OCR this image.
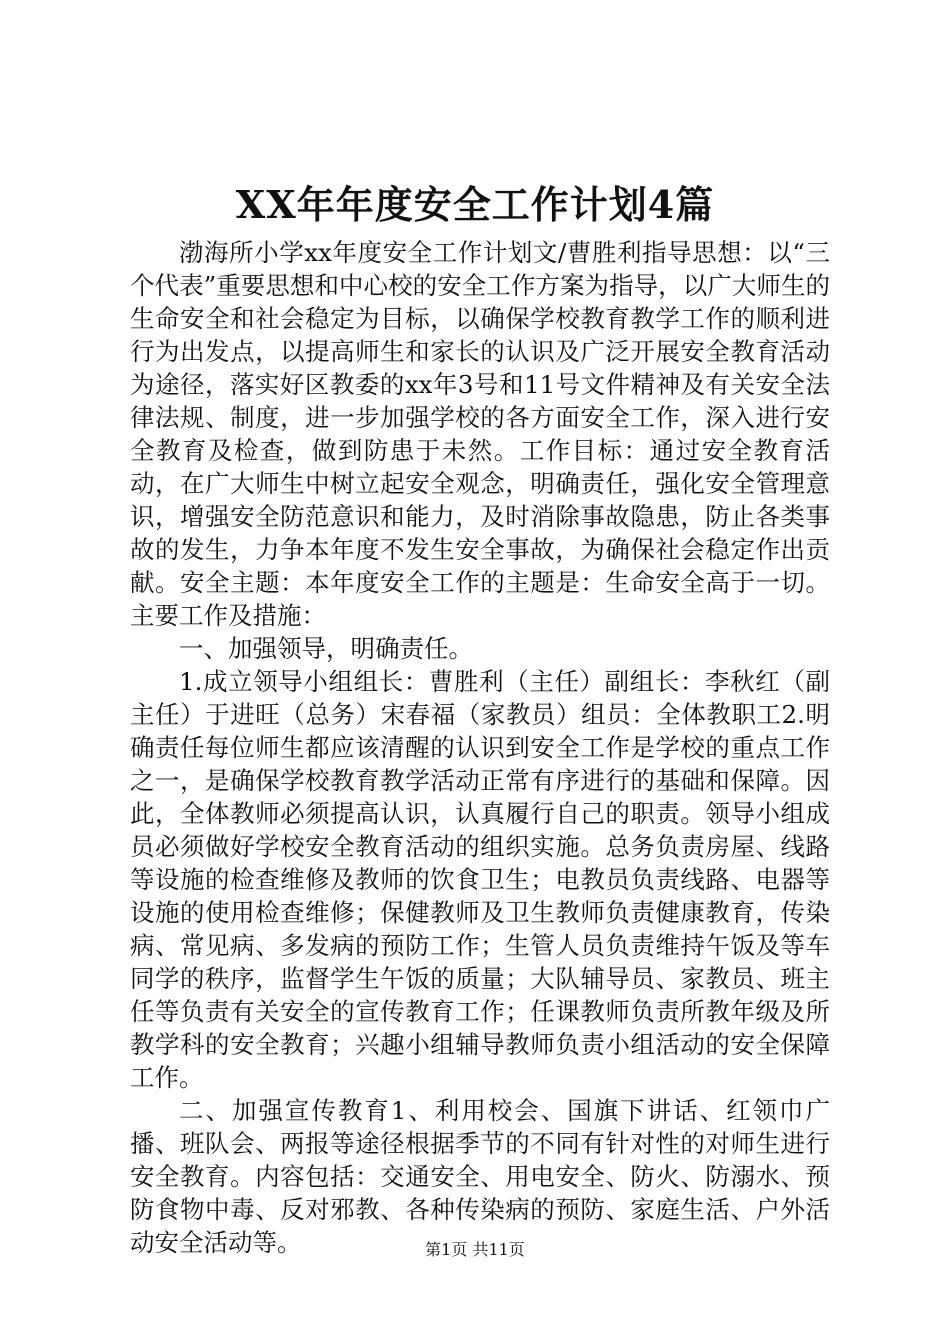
XX年年度安全工作计划4篇

渤海所小学xx年度安全工作计划文/曹胜利指导思想：以“三个代表”重要思想和中心校的安全工作方案为指导，以广大师生的生命安全和社会稳定为目标，以确保学校教育教学工作的顺利进行为出发点，以提高师生和家长的认识及广泛开展安全教育活动为途径，落实好区教委的xx年3号和11号文件精神及有关安全法律法规、制度，进一步加强学校的各方面安全工作，深入进行安全教育及检查，做到防患于未然。工作目标：通过安全教育活动，在广大师生中树立起安全观念，明确责任，强化安全管理意识，增强安全防范意识和能力，及时消除事故隐患，防止各类事故的发生，力争本年度不发生安全事故，为确保社会稳定作出贡献。安全主题：本年度安全工作的主题是：生命安全高于一切。主要工作及措施：

一、加强领导，明确责任。

1.成立领导小组组长：曹胜利（主任）副组长：李秋红（副主任）于进旺（总务）宋春福（家教员）组员：全体教职工2.明确责任每位师生都应该清醒的认识到安全工作是学校的重点工作之一，是确保学校教育教学活动正常有序进行的基础和保障。因此，全体教师必须提高认识，认真履行自己的职责。领导小组成员必须做好学校安全教育活动的组织实施。总务负责房屋、线路等设施的检查维修及教师的饮食卫生；电教员负责线路、电器等设施的使用检查维修；保健教师及卫生教师负责健康教育，传染病、常见病、多发病的预防工作；生管人员负责维持午饭及等车同学的秩序，监督学生午饭的质量；大队辅导员、家教员、班主任等负责有关安全的宣传教育工作；任课教师负责所教年级及所教学科的安全教育；兴趣小组辅导教师负责小组活动的安全保障工作。

二、加强宣传教育1、利用校会、国旗下讲话、红领巾广播、班队会、两报等途径根据季节的不同有针对性的对师生进行安全教育。内容包括：交通安全、用电安全、防火、防溺水、预防食物中毒、反对邪教、各种传染病的预防、家庭生活、户外活动安全活动等。	第1页 共11页
